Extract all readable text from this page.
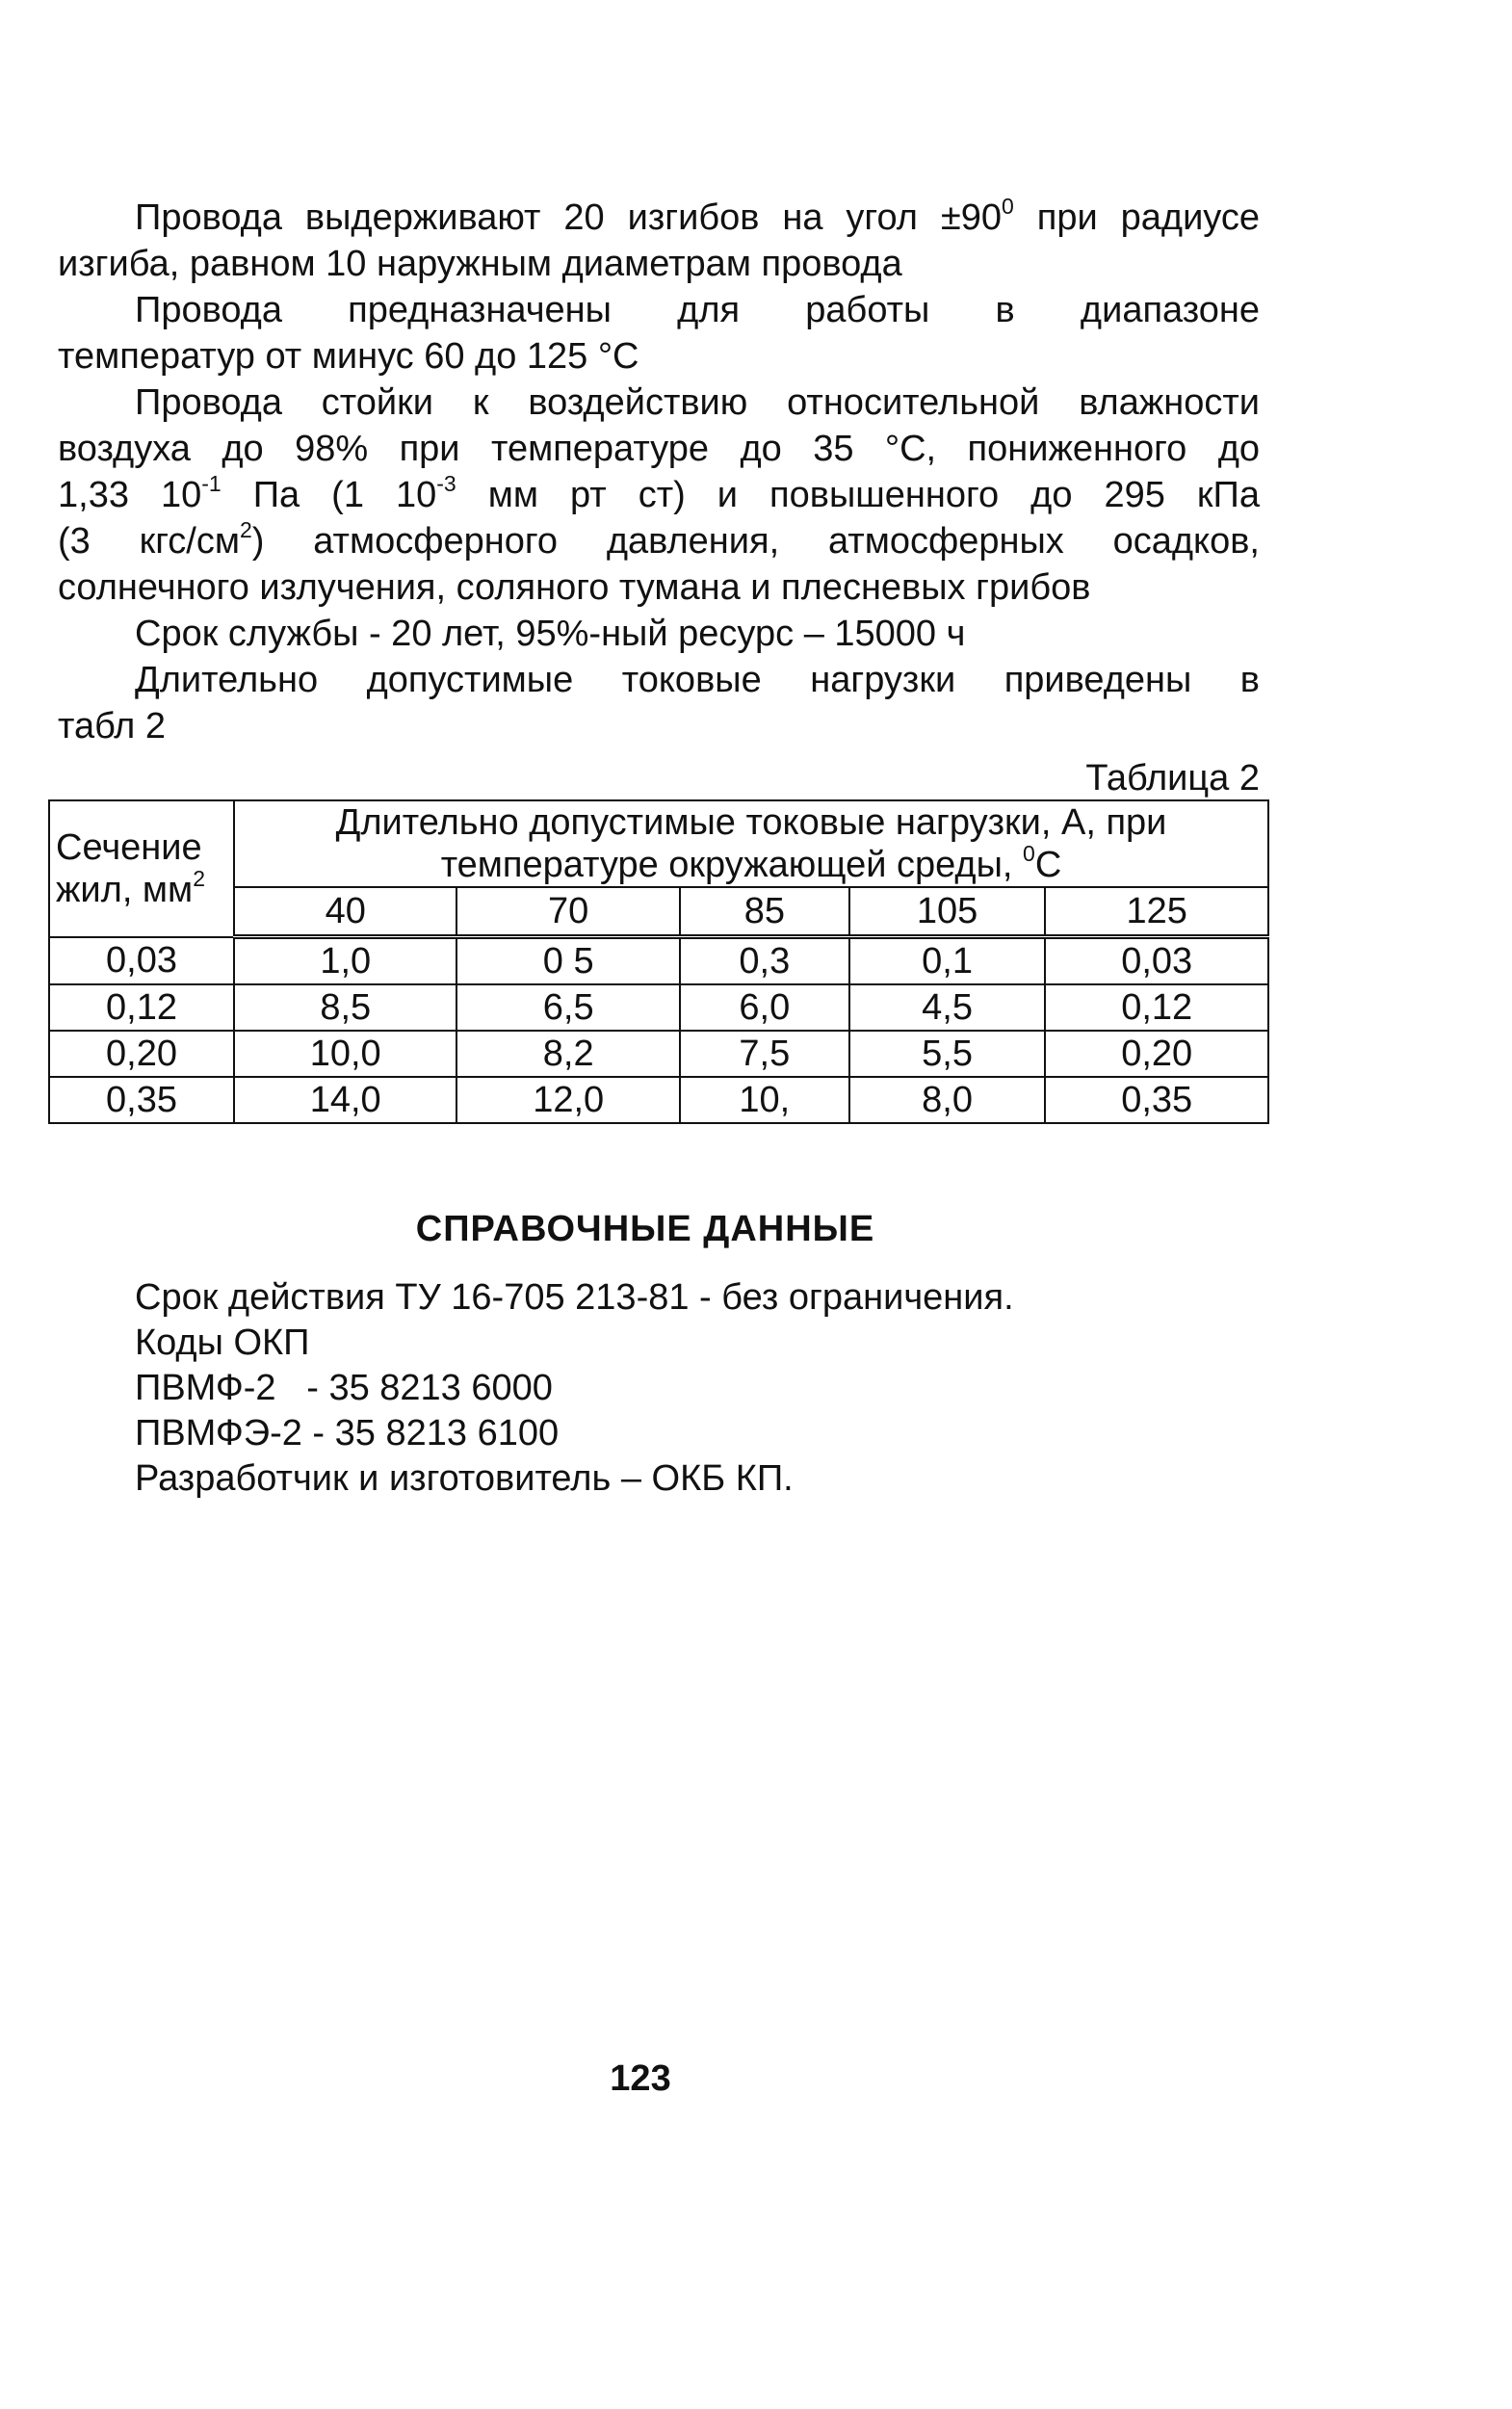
Провода выдерживают 20 изгибов на угол $\pm 90^0$ при радиусе
изгиба, равном 10 наружным диаметрам провода

Провода предназначены для работы в диапазоне
температур от минус 60 до 125 °С

Провода стойки к воздействию относительной влажности
воздуха до 98% при температуре до 35 °С, пониженного до
1,33 $10^{-1}$ Па (1 $10^{-3}$ мм рт ст) и повышенного до 295 кПа
(3 кгс/$см^2$) атмосферного давления, атмосферных осадков,
солнечного излучения, соляного тумана и плесневых грибов

Срок службы - 20 лет, 95%-ный ресурс – 15000 ч

Длительно допустимые токовые нагрузки приведены в
табл 2

Таблица 2
Сечение
жил, $мм^2$	Длительно допустимые токовые нагрузки, А, при
температуре окружающей среды, $^0$С				
	40	70	85	105	125
0,03	1,0	0 5	0,3	0,1	0,03
0,12	8,5	6,5	6,0	4,5	0,12
0,20	10,0	8,2	7,5	5,5	0,20
0,35	14,0	12,0	10,	8,0	0,35
СПРАВОЧНЫЕ ДАННЫЕ
Срок действия ТУ 16-705 213-81 - без ограничения.
Коды ОКП
ПВМФ-2   - 35 8213 6000
ПВМФЭ-2 - 35 8213 6100
Разработчик и изготовитель – ОКБ КП.
123
